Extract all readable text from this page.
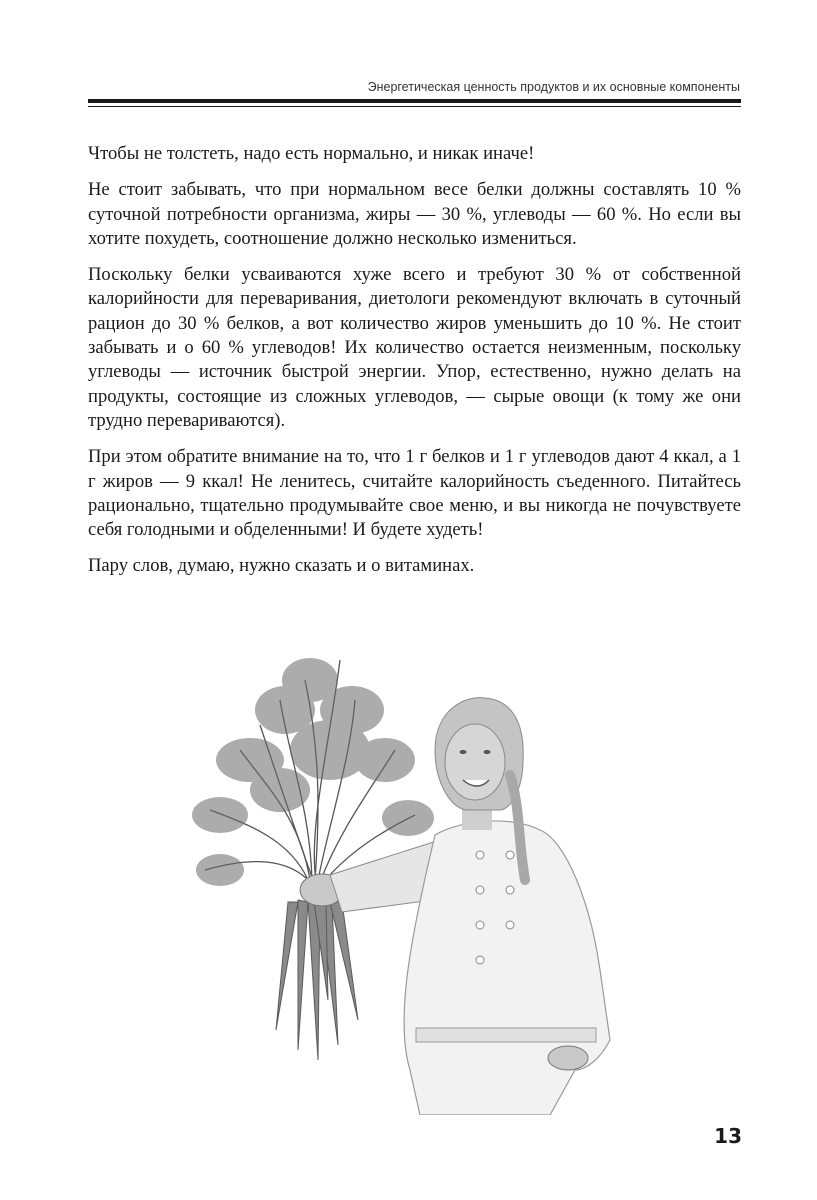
Энергетическая ценность продуктов и их основные компоненты

Чтобы не толстеть, надо есть нормально, и никак иначе!

Не стоит забывать, что при нормальном весе белки должны составлять 10 % суточной потребности организма, жиры — 30 %, углеводы — 60 %. Но если вы хотите похудеть, соотношение должно несколько измениться.

Поскольку белки усваиваются хуже всего и требуют 30 % от собственной калорийности для переваривания, диетологи рекомендуют включать в суточный рацион до 30 % белков, а вот количество жиров уменьшить до 10 %. Не стоит забывать и о 60 % углеводов! Их количество остается неизменным, поскольку углеводы — источник быстрой энергии. Упор, естественно, нужно делать на продукты, состоящие из сложных углеводов, — сырые овощи (к тому же они трудно перевариваются).

При этом обратите внимание на то, что 1 г белков и 1 г углеводов дают 4 ккал, а 1 г жиров — 9 ккал! Не ленитесь, считайте калорийность съеденного. Питайтесь рационально, тщательно продумывайте свое меню, и вы никогда не почувствуете себя голодными и обделенными! И будете худеть!

Пару слов, думаю, нужно сказать и о витаминах.

13
